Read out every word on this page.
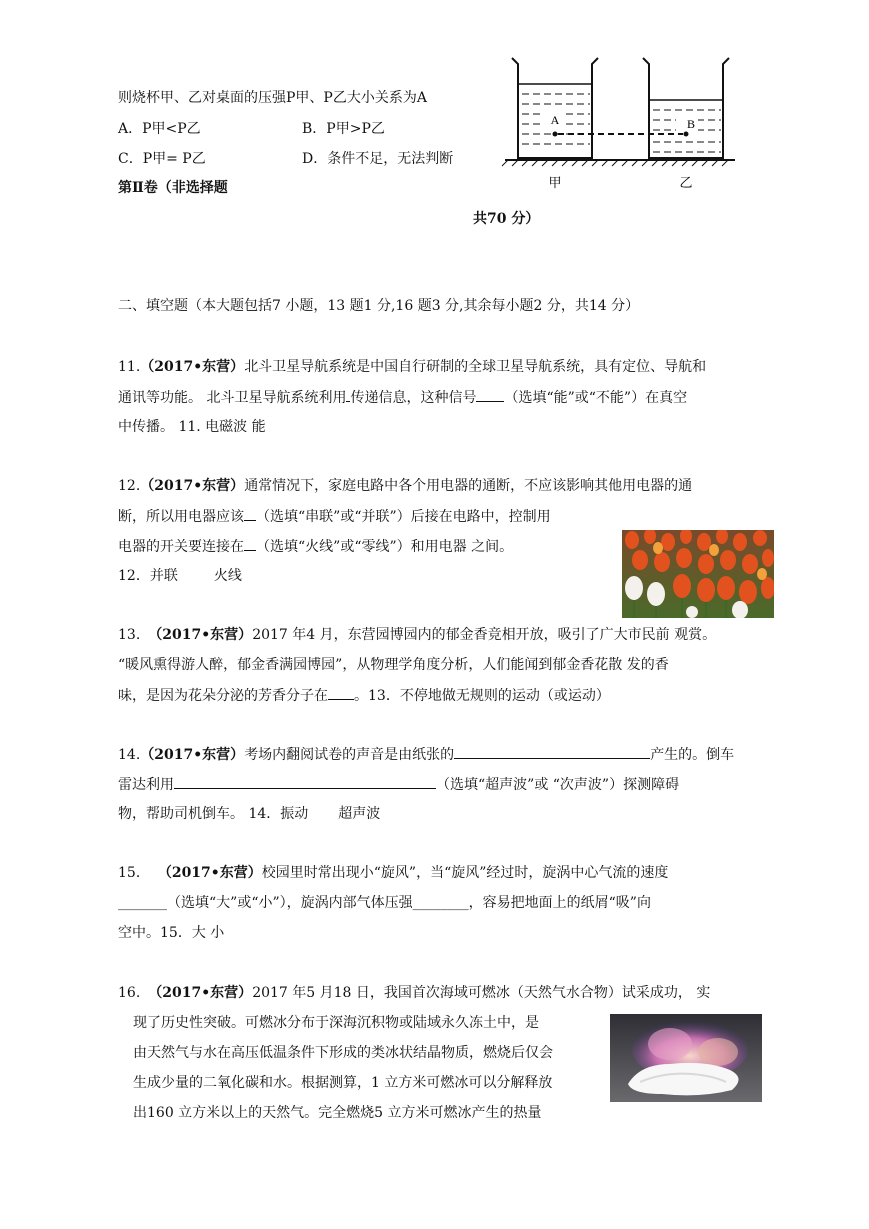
则烧杯甲、乙对桌面的压强P甲、P乙大小关系为A
A．P甲<P乙	B．P甲>P乙
C．P甲= P乙	D．条件不足，无法判断
A	B
甲	乙
第Ⅱ卷（非选择题
共70 分）
二、填空题（本大题包括7 小题，13 题1 分,16 题3 分,其余每小题2 分，共14 分）
11.（2017•东营）北斗卫星导航系统是中国自行研制的全球卫星导航系统，具有定位、导航和
通讯等功能。 北斗卫星导航系统利用 传递信息，这种信号 （选填“能”或“不能”）在真空
中传播。 11. 电磁波 能
12.（2017•东营）通常情况下，家庭电路中各个用电器的通断，不应该影响其他用电器的通
断，所以用电器应该 （选填“串联”或“并联”）后接在电路中，控制用
电器的开关要连接在 （选填“火线”或“零线”）和用电器 之间。
12．并联	火线
13. （2017•东营）2017 年4 月，东营园博园内的郁金香竞相开放，吸引了广大市民前 观赏。
“暖风熏得游人醉，郁金香满园博园”，从物理学角度分析，人们能闻到郁金香花散 发的香
味，是因为花朵分泌的芳香分子在 。13．不停地做无规则的运动（或运动）
14.（2017•东营）考场内翻阅试卷的声音是由纸张的	产生的。倒车
雷达利用	（选填“超声波”或 “次声波”）探测障碍
物，帮助司机倒车。 14．振动 超声波
15． （2017•东营）校园里时常出现小“旋风”，当“旋风”经过时，旋涡中心气流的速度
_______（选填“大”或“小”），旋涡内部气体压强________，容易把地面上的纸屑“吸”向
空中。15．大 小
16. （2017•东营）2017 年5 月18 日，我国首次海域可燃冰（天然气水合物）试采成功， 实
现了历史性突破。可燃冰分布于深海沉积物或陆域永久冻土中，是
由天然气与水在高压低温条件下形成的类冰状结晶物质，燃烧后仅会
生成少量的二氧化碳和水。根据测算，1 立方米可燃冰可以分解释放
出160 立方米以上的天然气。完全燃烧5 立方米可燃冰产生的热量
